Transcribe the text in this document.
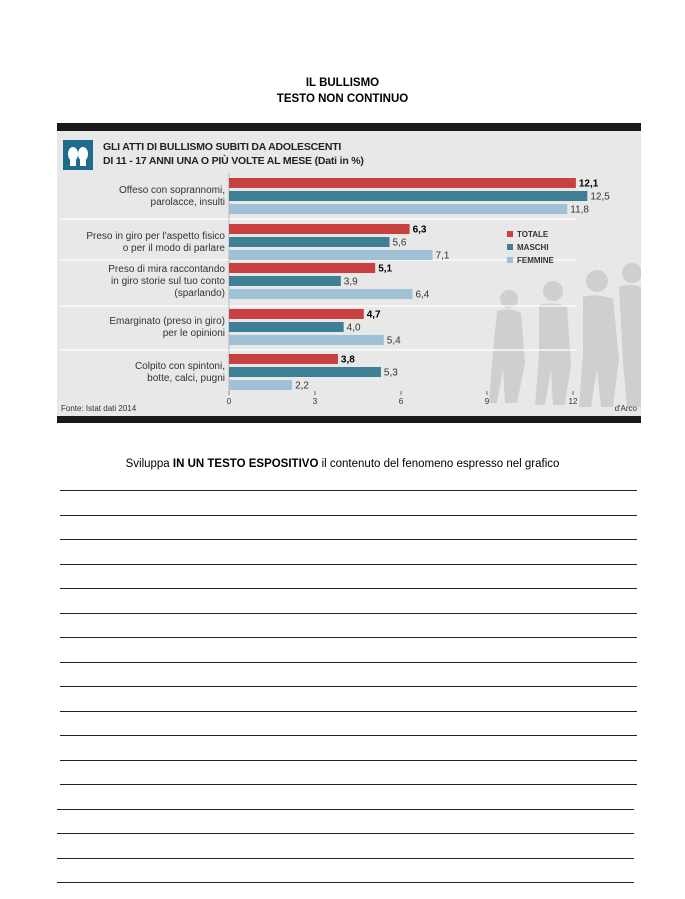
IL BULLISMO
TESTO NON CONTINUO
GLI ATTI DI BULLISMO SUBITI DA ADOLESCENTI
DI 11 - 17 ANNI UNA O PIÙ VOLTE AL MESE (Dati in %)
0	3	6	9	12
Offeso con soprannomi,
parolacce, insulti
12,1
12,5
11,8
Preso in giro per l'aspetto fisico
o per il modo di parlare
6,3
5,6
7,1
Preso di mira raccontando
in giro storie sul tuo conto
(sparlando)
5,1
3,9
6,4
Emarginato (preso in giro)
per le opinioni
4,7
4,0
5,4
Colpito con spintoni,
botte, calci, pugni
3,8
5,3
2,2
TOTALE
MASCHI
FEMMINE
Fonte: Istat dati 2014	d'Arco
Sviluppa IN UN TESTO ESPOSITIVO il contenuto del fenomeno espresso nel grafico
